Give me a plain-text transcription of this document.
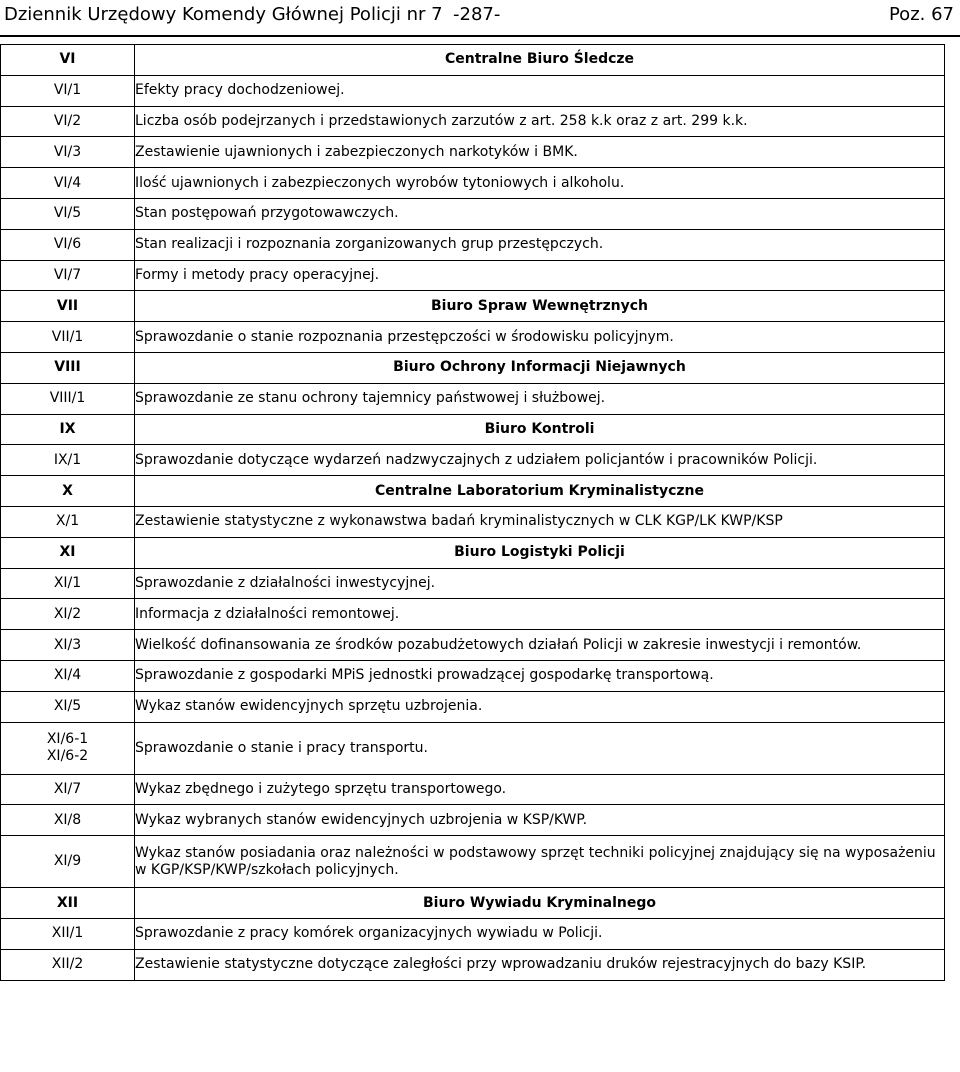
Dziennik Urzędowy Komendy Głównej Policji nr 7 -287-	Poz. 67
VI	Centralne Biuro Śledcze
VI/1	Efekty pracy dochodzeniowej.
VI/2	Liczba osób podejrzanych i przedstawionych zarzutów z art. 258 k.k oraz z art. 299 k.k.
VI/3	Zestawienie ujawnionych i zabezpieczonych narkotyków i BMK.
VI/4	Ilość ujawnionych i zabezpieczonych wyrobów tytoniowych i alkoholu.
VI/5	Stan postępowań przygotowawczych.
VI/6	Stan realizacji i rozpoznania zorganizowanych grup przestępczych.
VI/7	Formy i metody pracy operacyjnej.
VII	Biuro Spraw Wewnętrznych
VII/1	Sprawozdanie o stanie rozpoznania przestępczości w środowisku policyjnym.
VIII	Biuro Ochrony Informacji Niejawnych
VIII/1	Sprawozdanie ze stanu ochrony tajemnicy państwowej i służbowej.
IX	Biuro Kontroli
IX/1	Sprawozdanie dotyczące wydarzeń nadzwyczajnych z udziałem policjantów i pracowników Policji.
X	Centralne Laboratorium Kryminalistyczne
X/1	Zestawienie statystyczne z wykonawstwa badań kryminalistycznych w CLK KGP/LK KWP/KSP
XI	Biuro Logistyki Policji
XI/1	Sprawozdanie z działalności inwestycyjnej.
XI/2	Informacja z działalności remontowej.
XI/3	Wielkość dofinansowania ze środków pozabudżetowych działań Policji w zakresie inwestycji i remontów.
XI/4	Sprawozdanie z gospodarki MPiS jednostki prowadzącej gospodarkę transportową.
XI/5	Wykaz stanów ewidencyjnych sprzętu uzbrojenia.
XI/6-1
XI/6-2	Sprawozdanie o stanie i pracy transportu.
XI/7	Wykaz zbędnego i zużytego sprzętu transportowego.
XI/8	Wykaz wybranych stanów ewidencyjnych uzbrojenia w KSP/KWP.
XI/9	Wykaz stanów posiadania oraz należności w podstawowy sprzęt techniki policyjnej znajdujący się na wyposażeniu w KGP/KSP/KWP/szkołach policyjnych.
XII	Biuro Wywiadu Kryminalnego
XII/1	Sprawozdanie z pracy komórek organizacyjnych wywiadu w Policji.
XII/2	Zestawienie statystyczne dotyczące zaległości przy wprowadzaniu druków rejestracyjnych do bazy KSIP.
